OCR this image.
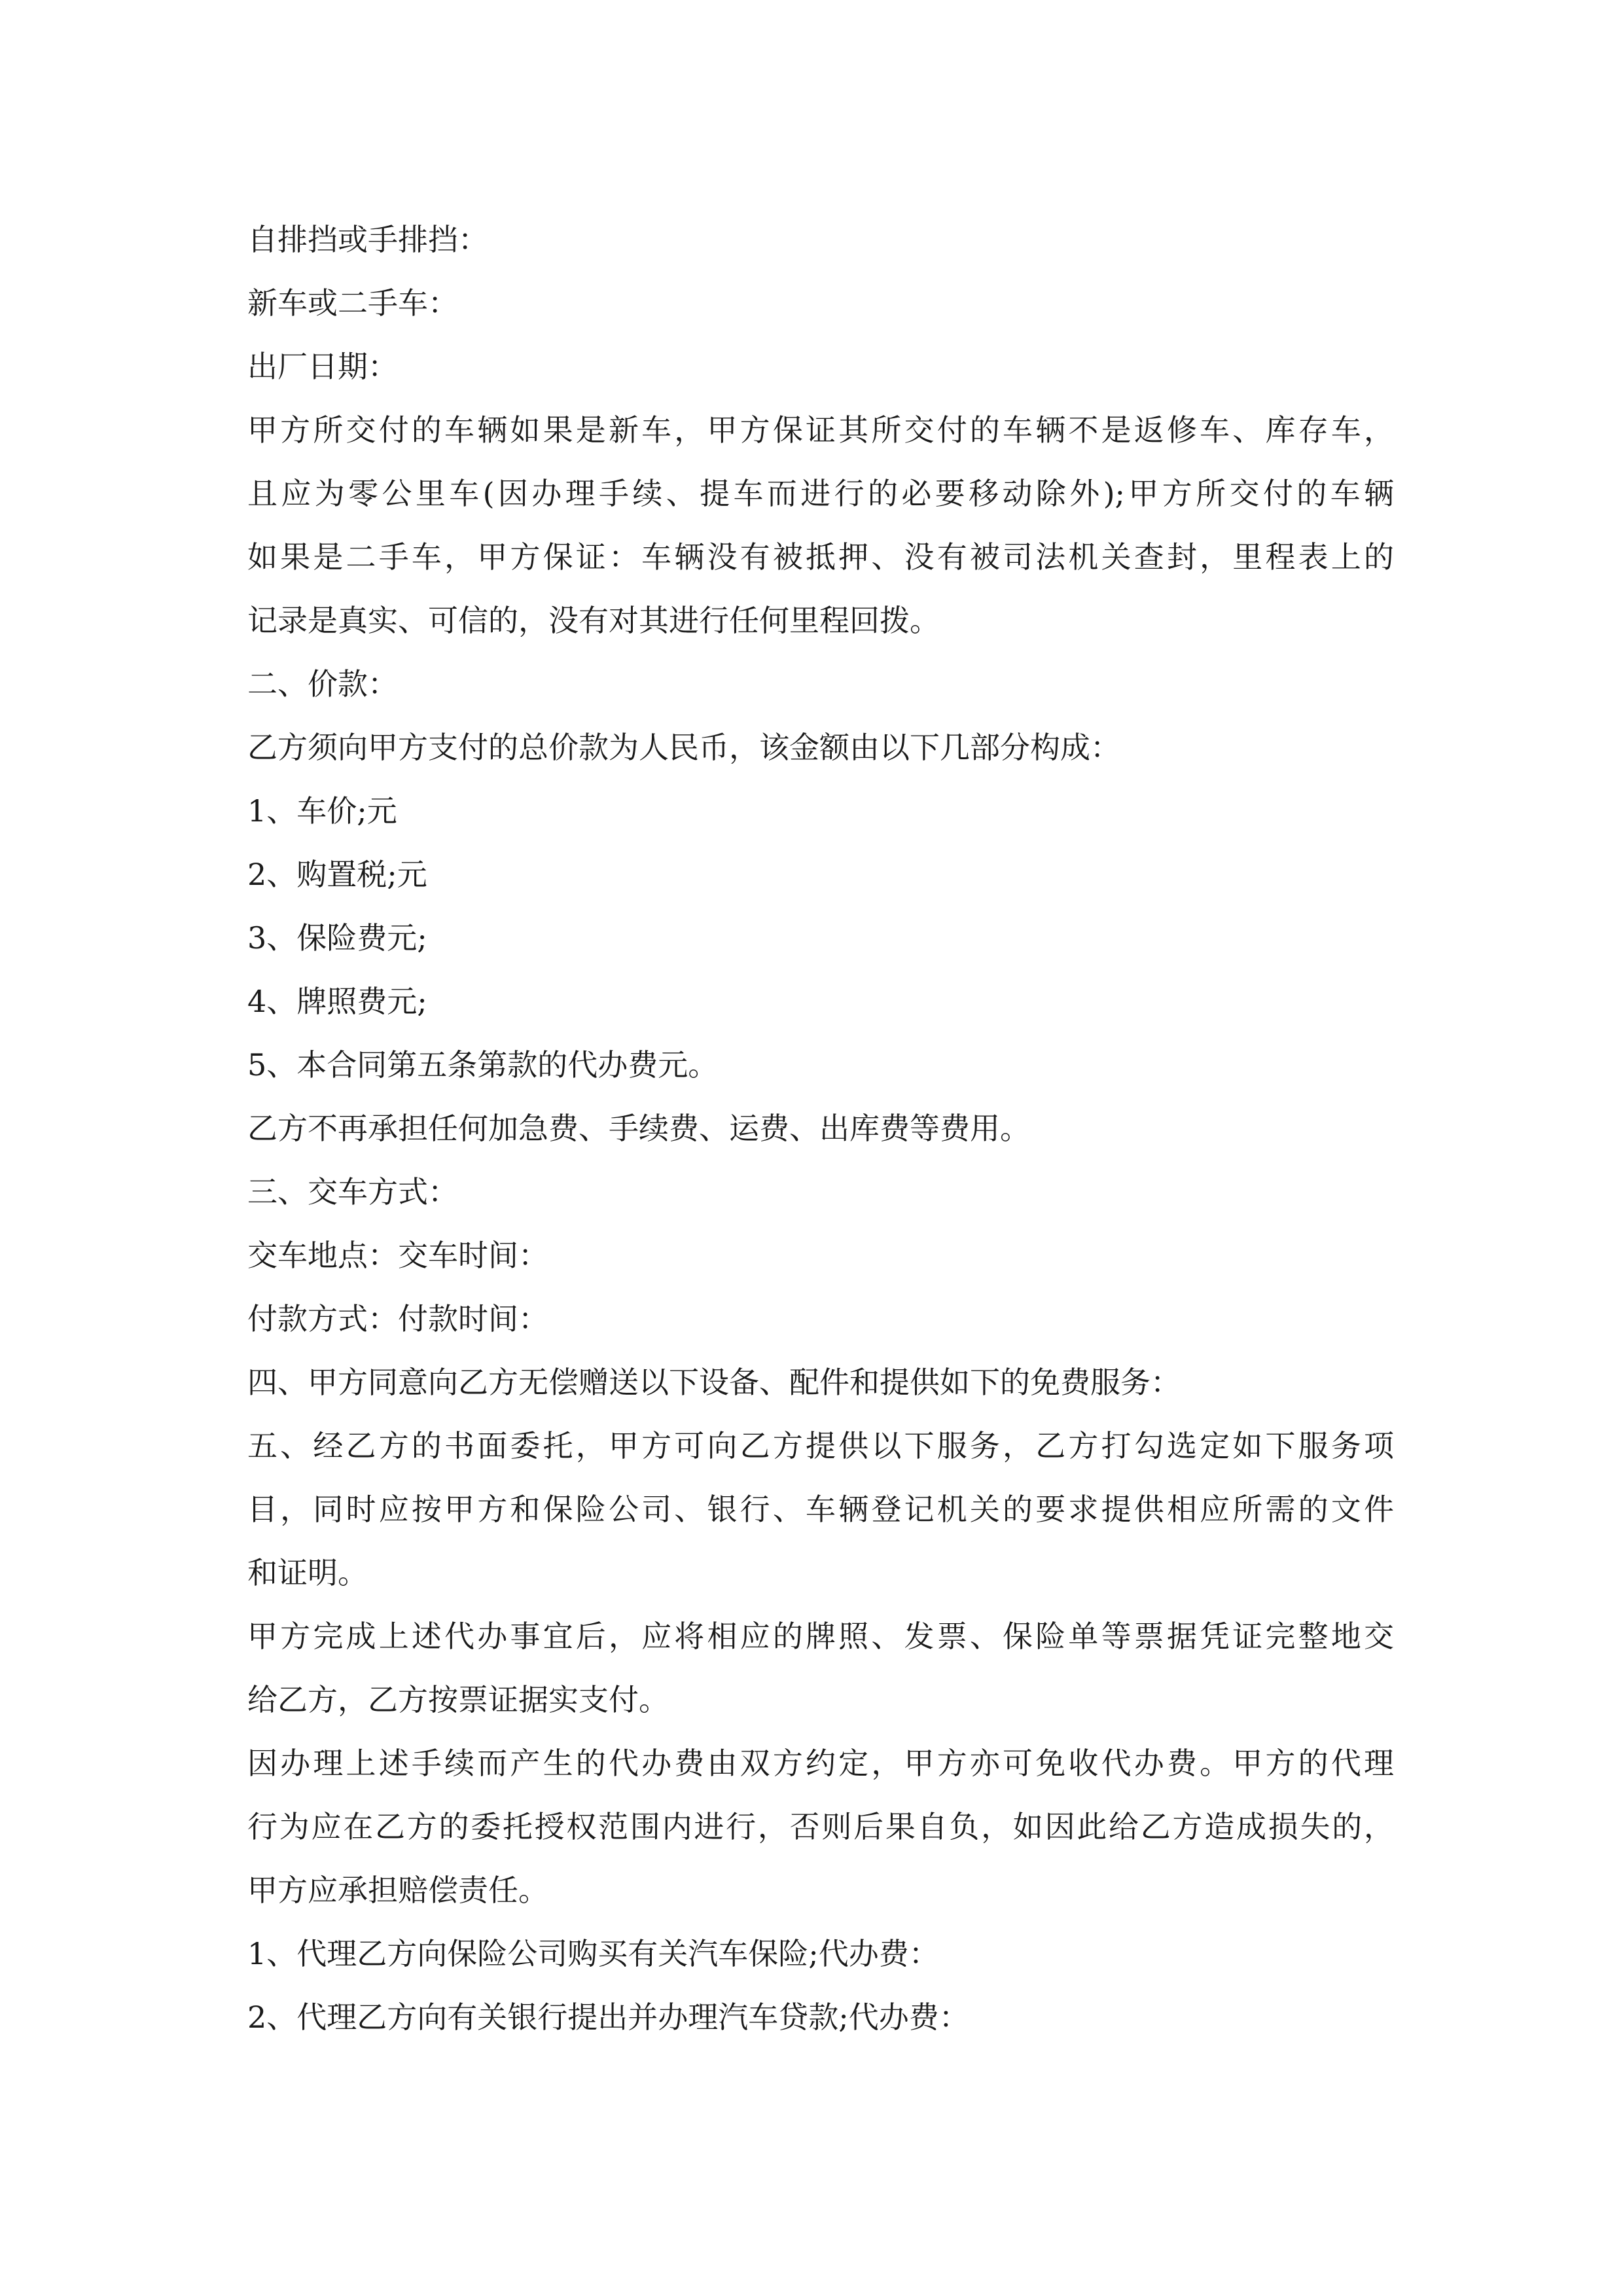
自排挡或手排挡：
新车或二手车：
出厂日期：
甲方所交付的车辆如果是新车，甲方保证其所交付的车辆不是返修车、库存车，
且应为零公里车(因办理手续、提车而进行的必要移动除外);甲方所交付的车辆
如果是二手车，甲方保证：车辆没有被抵押、没有被司法机关查封，里程表上的
记录是真实、可信的，没有对其进行任何里程回拨。
二、价款：
乙方须向甲方支付的总价款为人民币，该金额由以下几部分构成：
1、车价;元
2、购置税;元
3、保险费元;
4、牌照费元;
5、本合同第五条第款的代办费元。
乙方不再承担任何加急费、手续费、运费、出库费等费用。
三、交车方式：
交车地点：交车时间：
付款方式：付款时间：
四、甲方同意向乙方无偿赠送以下设备、配件和提供如下的免费服务：
五、经乙方的书面委托，甲方可向乙方提供以下服务，乙方打勾选定如下服务项
目，同时应按甲方和保险公司、银行、车辆登记机关的要求提供相应所需的文件
和证明。
甲方完成上述代办事宜后，应将相应的牌照、发票、保险单等票据凭证完整地交
给乙方，乙方按票证据实支付。
因办理上述手续而产生的代办费由双方约定，甲方亦可免收代办费。甲方的代理
行为应在乙方的委托授权范围内进行，否则后果自负，如因此给乙方造成损失的，
甲方应承担赔偿责任。
1、代理乙方向保险公司购买有关汽车保险;代办费：
2、代理乙方向有关银行提出并办理汽车贷款;代办费：
